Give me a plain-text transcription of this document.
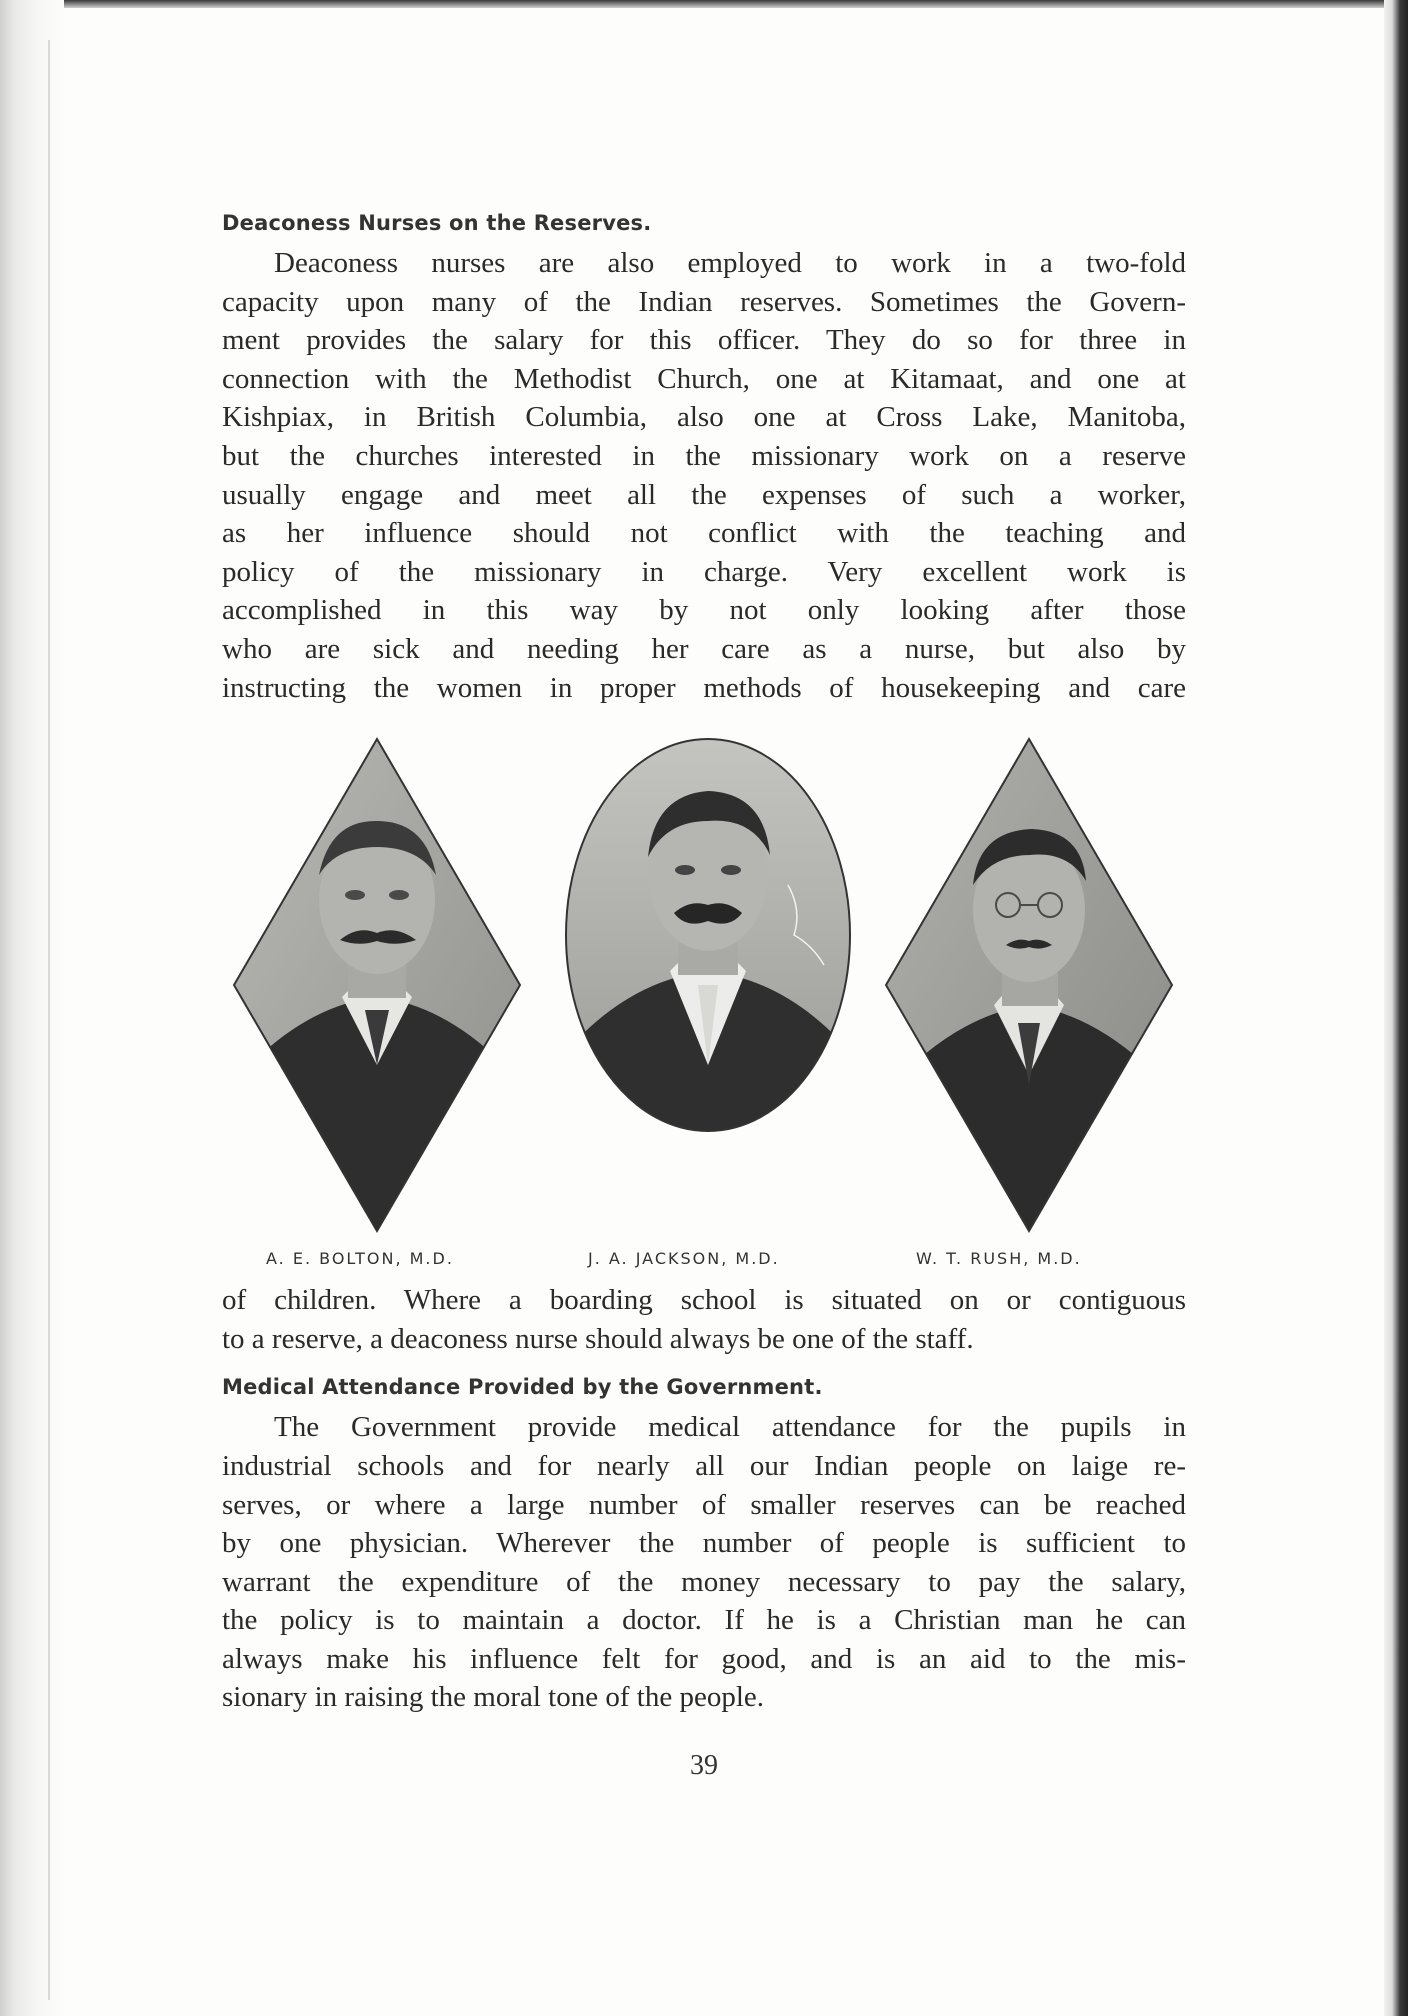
Deaconess Nurses on the Reserves.
Deaconess nurses are also employed to work in a two-fold
capacity upon many of the Indian reserves. Sometimes the Govern-
ment provides the salary for this officer. They do so for three in
connection with the Methodist Church, one at Kitamaat, and one at
Kishpiax, in British Columbia, also one at Cross Lake, Manitoba,
but the churches interested in the missionary work on a reserve
usually engage and meet all the expenses of such a worker,
as her influence should not conflict with the teaching and
policy of the missionary in charge. Very excellent work is
accomplished in this way by not only looking after those
who are sick and needing her care as a nurse, but also by
instructing the women in proper methods of housekeeping and care
A. E. BOLTON, M.D.	J. A. JACKSON, M.D.	W. T. RUSH, M.D.
of children. Where a boarding school is situated on or contiguous
to a reserve, a deaconess nurse should always be one of the staff.
Medical Attendance Provided by the Government.
The Government provide medical attendance for the pupils in
industrial schools and for nearly all our Indian people on laige re-
serves, or where a large number of smaller reserves can be reached
by one physician. Wherever the number of people is sufficient to
warrant the expenditure of the money necessary to pay the salary,
the policy is to maintain a doctor. If he is a Christian man he can
always make his influence felt for good, and is an aid to the mis-
sionary in raising the moral tone of the people.
39
